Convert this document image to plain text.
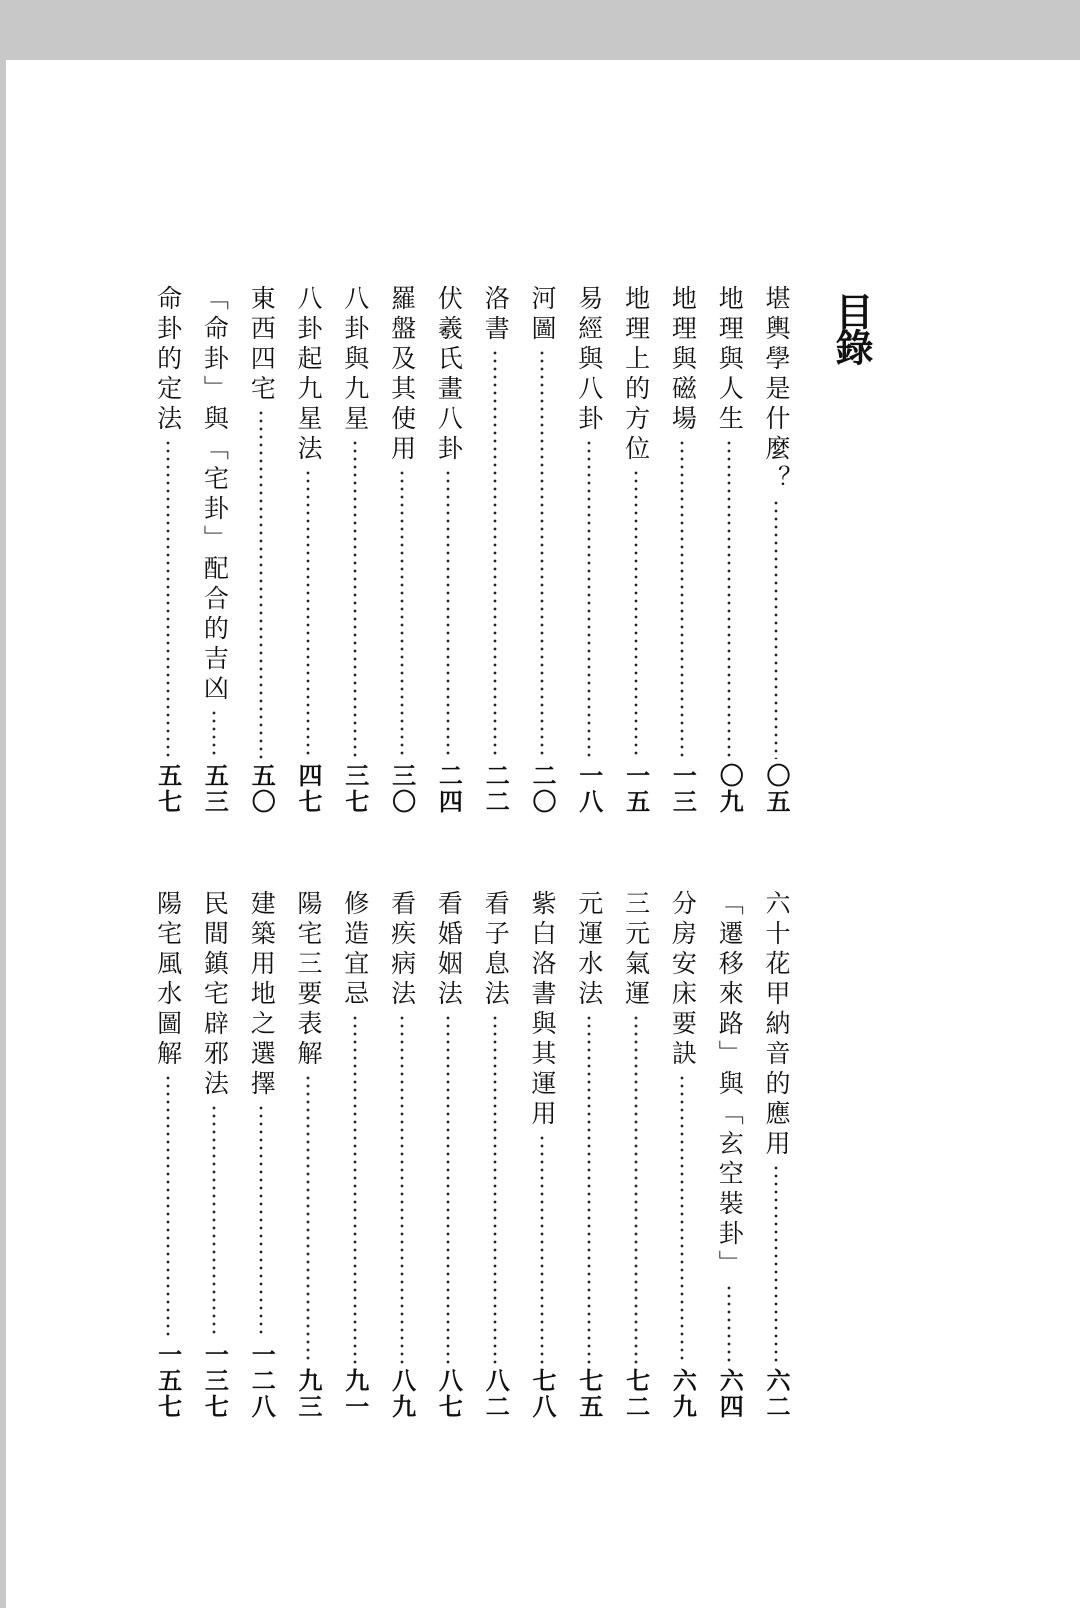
目錄
堪輿學是什麼？
〇五
地理與人生
〇九
地理與磁場
一三
地理上的方位
一五
易經與八卦
一八
河圖
二〇
洛書
二二
伏羲氏畫八卦
二四
羅盤及其使用
三〇
八卦與九星
三七
八卦起九星法
四七
東西四宅
五〇
「命卦」與「宅卦」配合的吉凶
五三
命卦的定法
五七
六十花甲納音的應用
六二
「遷移來路」與「玄空裝卦」
六四
分房安床要訣
六九
三元氣運
七二
元運水法
七五
紫白洛書與其運用
七八
看子息法
八二
看婚姻法
八七
看疾病法
八九
修造宜忌
九一
陽宅三要表解
九三
建築用地之選擇
一二八
民間鎮宅辟邪法
一三七
陽宅風水圖解
一五七
